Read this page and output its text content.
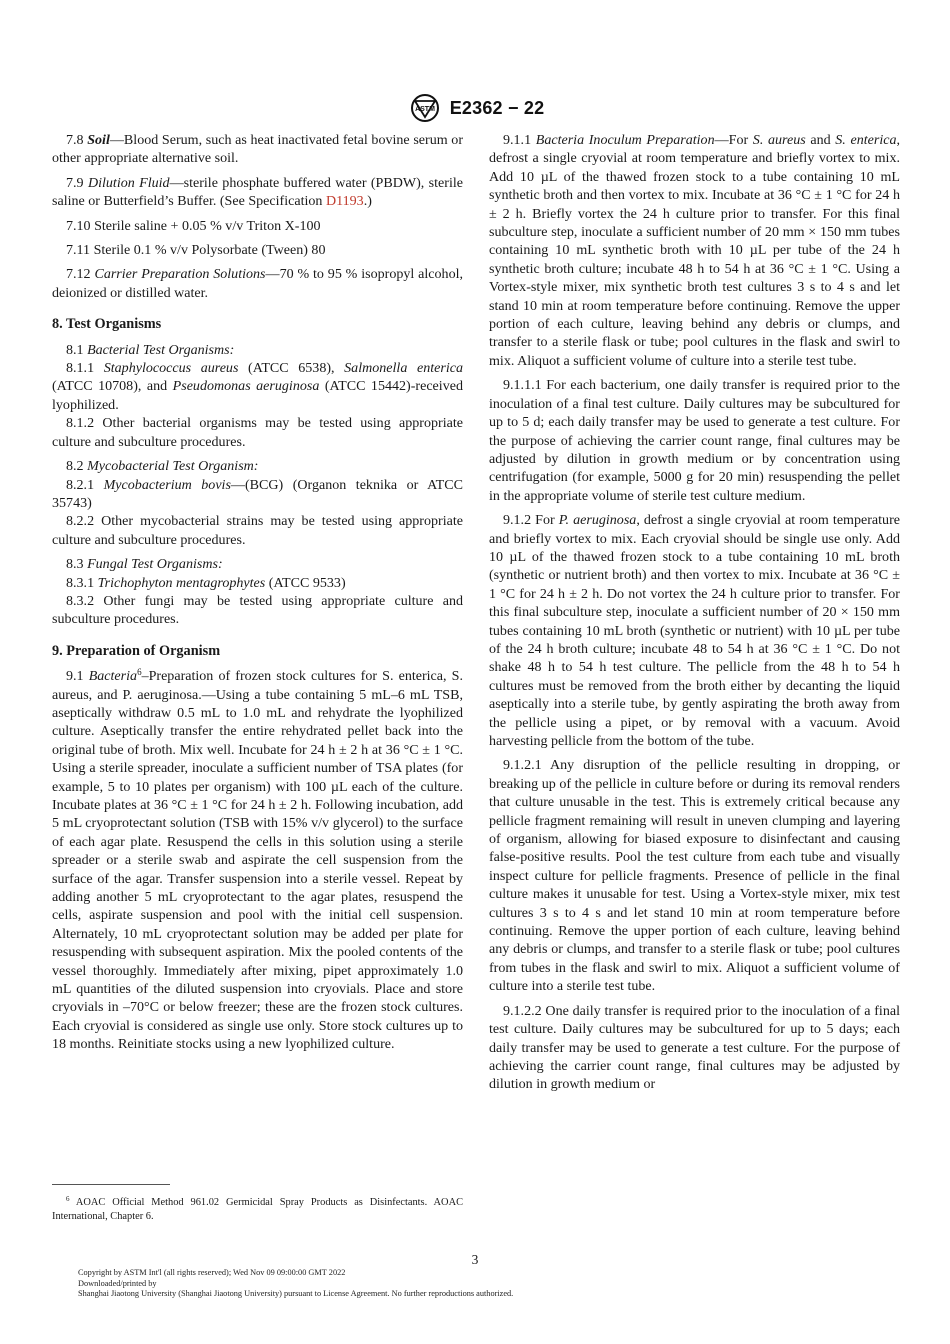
ASTM E2362 − 22

7.8 Soil—Blood Serum, such as heat inactivated fetal bovine serum or other appropriate alternative soil.

7.9 Dilution Fluid—sterile phosphate buffered water (PBDW), sterile saline or Butterfield’s Buffer. (See Specification D1193.)

7.10 Sterile saline + 0.05 % v/v Triton X-100

7.11 Sterile 0.1 % v/v Polysorbate (Tween) 80

7.12 Carrier Preparation Solutions—70 % to 95 % isopropyl alcohol, deionized or distilled water.

8. Test Organisms

8.1 Bacterial Test Organisms:

8.1.1 Staphylococcus aureus (ATCC 6538), Salmonella enterica (ATCC 10708), and Pseudomonas aeruginosa (ATCC 15442)-received lyophilized.

8.1.2 Other bacterial organisms may be tested using appropriate culture and subculture procedures.

8.2 Mycobacterial Test Organism:

8.2.1 Mycobacterium bovis—(BCG) (Organon teknika or ATCC 35743)

8.2.2 Other mycobacterial strains may be tested using appropriate culture and subculture procedures.

8.3 Fungal Test Organisms:

8.3.1 Trichophyton mentagrophytes (ATCC 9533)

8.3.2 Other fungi may be tested using appropriate culture and subculture procedures.

9. Preparation of Organism

9.1 Bacteria$^6$–Preparation of frozen stock cultures for S. enterica, S. aureus, and P. aeruginosa.—Using a tube containing 5 mL–6 mL TSB, aseptically withdraw 0.5 mL to 1.0 mL and rehydrate the lyophilized culture. Aseptically transfer the entire rehydrated pellet back into the original tube of broth. Mix well. Incubate for 24 h ± 2 h at 36 °C ± 1 °C. Using a sterile spreader, inoculate a sufficient number of TSA plates (for example, 5 to 10 plates per organism) with 100 µL each of the culture. Incubate plates at 36 °C ± 1 °C for 24 h ± 2 h. Following incubation, add 5 mL cryoprotectant solution (TSB with 15% v/v glycerol) to the surface of each agar plate. Resuspend the cells in this solution using a sterile spreader or a sterile swab and aspirate the cell suspension from the surface of the agar. Transfer suspension into a sterile vessel. Repeat by adding another 5 mL cryoprotectant to the agar plates, resuspend the cells, aspirate suspension and pool with the initial cell suspension. Alternately, 10 mL cryoprotectant solution may be added per plate for resuspending with subsequent aspiration. Mix the pooled contents of the vessel thoroughly. Immediately after mixing, pipet approximately 1.0 mL quantities of the diluted suspension into cryovials. Place and store cryovials in –70°C or below freezer; these are the frozen stock cultures. Each cryovial is considered as single use only. Store stock cultures up to 18 months. Reinitiate stocks using a new lyophilized culture.

9.1.1 Bacteria Inoculum Preparation—For S. aureus and S. enterica, defrost a single cryovial at room temperature and briefly vortex to mix. Add 10 µL of the thawed frozen stock to a tube containing 10 mL synthetic broth and then vortex to mix. Incubate at 36 °C ± 1 °C for 24 h ± 2 h. Briefly vortex the 24 h culture prior to transfer. For this final subculture step, inoculate a sufficient number of 20 mm × 150 mm tubes containing 10 mL synthetic broth with 10 µL per tube of the 24 h synthetic broth culture; incubate 48 h to 54 h at 36 °C ± 1 °C. Using a Vortex-style mixer, mix synthetic broth test cultures 3 s to 4 s and let stand 10 min at room temperature before continuing. Remove the upper portion of each culture, leaving behind any debris or clumps, and transfer to a sterile flask or tube; pool cultures in the flask and swirl to mix. Aliquot a sufficient volume of culture into a sterile test tube.

9.1.1.1 For each bacterium, one daily transfer is required prior to the inoculation of a final test culture. Daily cultures may be subcultured for up to 5 d; each daily transfer may be used to generate a test culture. For the purpose of achieving the carrier count range, final cultures may be adjusted by dilution in growth medium or by concentration using centrifugation (for example, 5000 g for 20 min) resuspending the pellet in the appropriate volume of sterile test culture medium.

9.1.2 For P. aeruginosa, defrost a single cryovial at room temperature and briefly vortex to mix. Each cryovial should be single use only. Add 10 µL of the thawed frozen stock to a tube containing 10 mL broth (synthetic or nutrient broth) and then vortex to mix. Incubate at 36 °C ± 1 °C for 24 h ± 2 h. Do not vortex the 24 h culture prior to transfer. For this final subculture step, inoculate a sufficient number of 20 × 150 mm tubes containing 10 mL broth (synthetic or nutrient) with 10 µL per tube of the 24 h broth culture; incubate 48 to 54 h at 36 °C ± 1 °C. Do not shake 48 h to 54 h test culture. The pellicle from the 48 h to 54 h cultures must be removed from the broth either by decanting the liquid aseptically into a sterile tube, by gently aspirating the broth away from the pellicle using a pipet, or by removal with a vacuum. Avoid harvesting pellicle from the bottom of the tube.

9.1.2.1 Any disruption of the pellicle resulting in dropping, or breaking up of the pellicle in culture before or during its removal renders that culture unusable in the test. This is extremely critical because any pellicle fragment remaining will result in uneven clumping and layering of organism, allowing for biased exposure to disinfectant and causing false-positive results. Pool the test culture from each tube and visually inspect culture for pellicle fragments. Presence of pellicle in the final culture makes it unusable for test. Using a Vortex-style mixer, mix test cultures 3 s to 4 s and let stand 10 min at room temperature before continuing. Remove the upper portion of each culture, leaving behind any debris or clumps, and transfer to a sterile flask or tube; pool cultures from tubes in the flask and swirl to mix. Aliquot a sufficient volume of culture into a sterile test tube.

9.1.2.2 One daily transfer is required prior to the inoculation of a final test culture. Daily cultures may be subcultured for up to 5 days; each daily transfer may be used to generate a test culture. For the purpose of achieving the carrier count range, final cultures may be adjusted by dilution in growth medium or

$^6$ AOAC Official Method 961.02 Germicidal Spray Products as Disinfectants. AOAC International, Chapter 6.
3
Copyright by ASTM Int'l (all rights reserved); Wed Nov 09 09:00:00 GMT 2022
Downloaded/printed by
Shanghai Jiaotong University (Shanghai Jiaotong University) pursuant to License Agreement. No further reproductions authorized.
